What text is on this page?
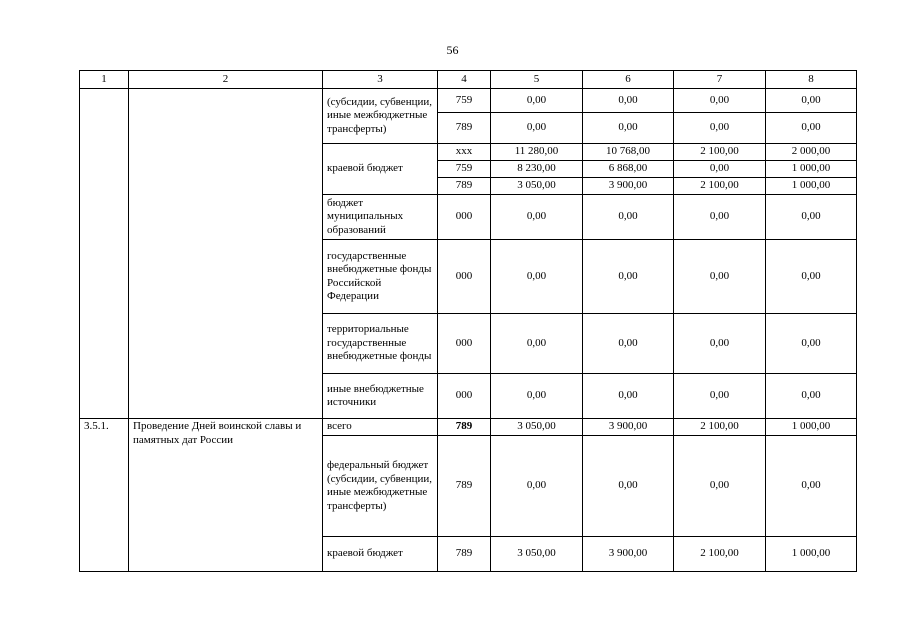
56
1	2	3	4	5	6	7	8
		(субсидии, субвенции, иные межбюджетные трансферты)	759	0,00	0,00	0,00	0,00
			789	0,00	0,00	0,00	0,00
		краевой бюджет	ххх	11 280,00	10 768,00	2 100,00	2 000,00
			759	8 230,00	6 868,00	0,00	1 000,00
			789	3 050,00	3 900,00	2 100,00	1 000,00
		бюджет муниципальных образований	000	0,00	0,00	0,00	0,00
		государственные внебюджетные фонды Российской Федерации	000	0,00	0,00	0,00	0,00
		территориальные государственные внебюджетные фонды	000	0,00	0,00	0,00	0,00
		иные внебюджетные источники	000	0,00	0,00	0,00	0,00
3.5.1.	Проведение Дней воинской славы и памятных дат России	всего	789	3 050,00	3 900,00	2 100,00	1 000,00
		федеральный бюджет (субсидии, субвенции, иные межбюджетные трансферты)	789	0,00	0,00	0,00	0,00
		краевой бюджет	789	3 050,00	3 900,00	2 100,00	1 000,00
